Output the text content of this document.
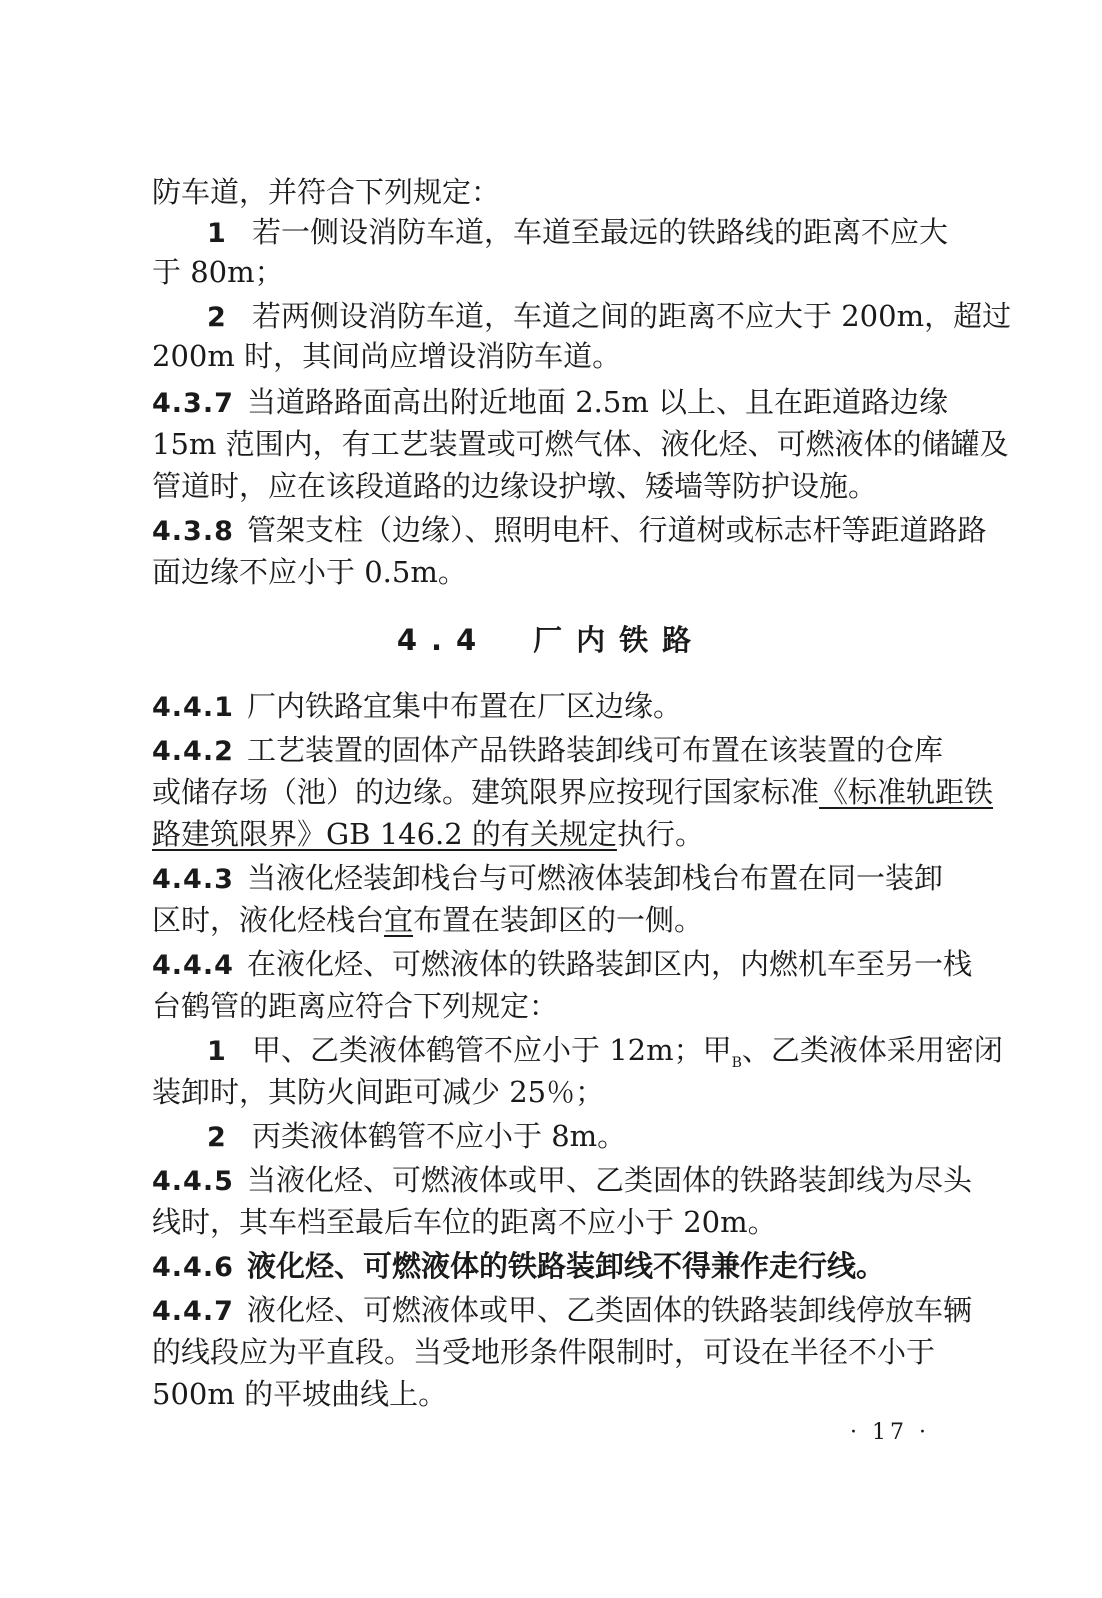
防车道，并符合下列规定：
1 若一侧设消防车道，车道至最远的铁路线的距离不应大
于 80m；
2 若两侧设消防车道，车道之间的距离不应大于 200m，超过
200m 时，其间尚应增设消防车道。
4.3.7 当道路路面高出附近地面 2.5m 以上、且在距道路边缘
15m 范围内，有工艺装置或可燃气体、液化烃、可燃液体的储罐及
管道时，应在该段道路的边缘设护墩、矮墙等防护设施。
4.3.8 管架支柱（边缘）、照明电杆、行道树或标志杆等距道路路
面边缘不应小于 0.5m。
4.4　厂内铁路
4.4.1 厂内铁路宜集中布置在厂区边缘。
4.4.2 工艺装置的固体产品铁路装卸线可布置在该装置的仓库
或储存场（池）的边缘。建筑限界应按现行国家标准《标准轨距铁
路建筑限界》GB 146.2 的有关规定执行。
4.4.3 当液化烃装卸栈台与可燃液体装卸栈台布置在同一装卸
区时，液化烃栈台宜布置在装卸区的一侧。
4.4.4 在液化烃、可燃液体的铁路装卸区内，内燃机车至另一栈
台鹤管的距离应符合下列规定：
1 甲、乙类液体鹤管不应小于 12m；甲$_B$、乙类液体采用密闭
装卸时，其防火间距可减少 25％；
2 丙类液体鹤管不应小于 8m。
4.4.5 当液化烃、可燃液体或甲、乙类固体的铁路装卸线为尽头
线时，其车档至最后车位的距离不应小于 20m。
4.4.6 液化烃、可燃液体的铁路装卸线不得兼作走行线。
4.4.7 液化烃、可燃液体或甲、乙类固体的铁路装卸线停放车辆
的线段应为平直段。当受地形条件限制时，可设在半径不小于
500m 的平坡曲线上。
· 17 ·
